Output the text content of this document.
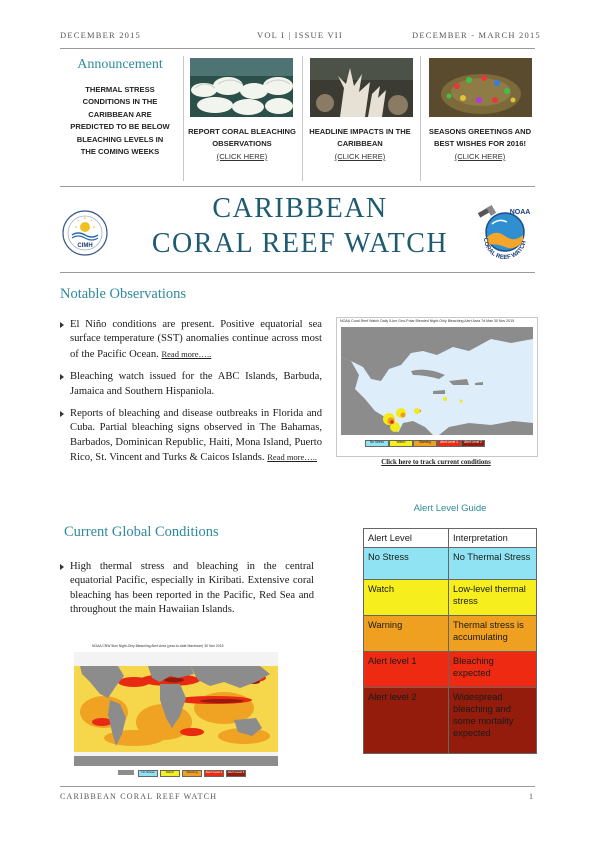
DECEMBER 2015	VOL I | ISSUE VII	DECEMBER - MARCH 2015
Announcement
THERMAL STRESS CONDITIONS IN THE CARIBBEAN ARE PREDICTED TO BE BELOW BLEACHING LEVELS IN THE COMING WEEKS
REPORT CORAL BLEACHING OBSERVATIONS
(CLICK HERE)
HEADLINE IMPACTS IN THE CARIBBEAN
(CLICK HERE)
SEASONS GREETINGS AND BEST WISHES FOR 2016!
(CLICK HERE)
CIMH
CARIBBEAN
CORAL REEF WATCH
NOAA
CORAL REEF WATCH
Notable Observations
El Niño conditions are present. Positive equatorial sea surface temperature (SST) anomalies continue across most of the Pacific Ocean. Read more…..
Bleaching watch issued for the ABC Islands, Barbuda, Jamaica and Southern Hispaniola.
Reports of bleaching and disease outbreaks in Florida and Cuba. Partial bleaching signs observed in The Bahamas, Barbados, Dominican Republic, Haiti, Mona Island, Puerto Rico, St. Vincent and Turks & Caicos Islands. Read more…..
NOAA Coral Reef Watch Daily 5-km Geo-Polar Blended Night-Only Bleaching Alert Area 7d Max 30 Nov 2015
No Stress	Watch	Warning	Alert Level 1	Alert Level 2
Click here to track current conditions
Alert Level Guide
Alert Level	Interpretation
No Stress	No Thermal Stress
Watch	Low-level thermal stress
Warning	Thermal stress is accumulating
Alert level 1	Bleaching expected
Alert level 2	Widespread bleaching and some mortality expected
Current Global Conditions
High thermal stress and bleaching in the central equatorial Pacific, especially in Kiribati. Extensive coral bleaching has been reported in the Pacific, Red Sea and throughout the main Hawaiian Islands.
NOAA CRW 5km Night-Only Bleaching Alert Area (year-to-date Maximum) 30 Nov 2015
No Stress	Watch	Warning	Alert Level 1	Alert Level 2
CARIBBEAN CORAL REEF WATCH	1
